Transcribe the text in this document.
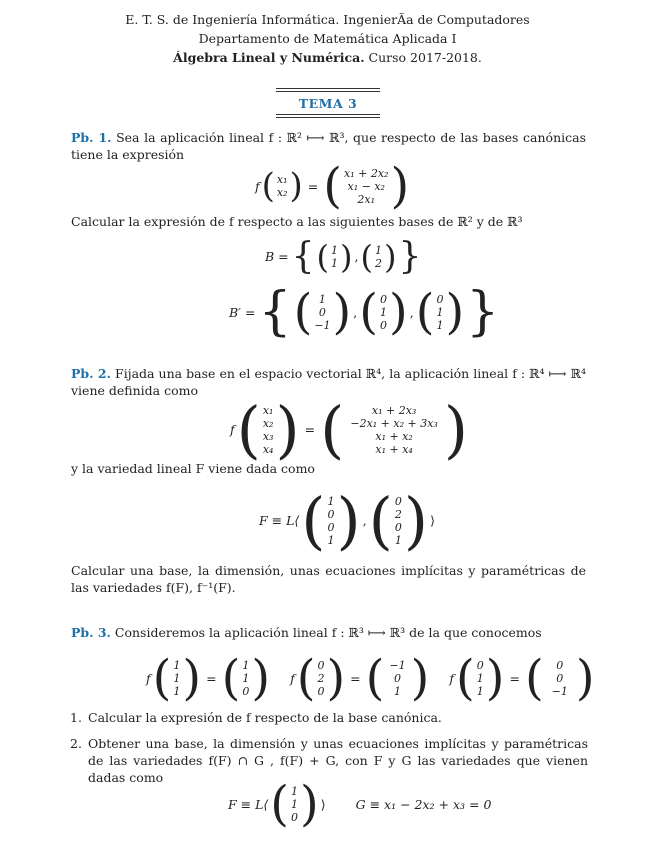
E. T. S. de Ingeniería Informática. IngenierÃa de Computadores
Departamento de Matemática Aplicada I
Álgebra Lineal y Numérica. Curso 2017-2018.
TEMA 3
Pb. 1. Sea la aplicación lineal f : ℝ² ⟼ ℝ³, que respecto de las bases canónicas tiene la expresión
f ( x₁
x₂ ) = ( x₁ + 2x₂
x₁ − x₂
2x₁ )
Calcular la expresión de f respecto a las siguientes bases de ℝ² y de ℝ³
B = { ( 1
1 ) , ( 1
2 ) }
B′ = { ( 1
0
−1 ) , ( 0
1
0 ) , ( 0
1
1 ) }
Pb. 2. Fijada una base en el espacio vectorial ℝ⁴, la aplicación lineal f : ℝ⁴ ⟼ ℝ⁴ viene definida como
f ( x₁
x₂
x₃
x₄ ) = (	x₁ + 2x₃
−2x₁ + x₂ + 3x₃
x₁ + x₂
x₁ + x₄ )
y la variedad lineal F viene dada como
F ≡ L⟨ ( 1
0
0
1 ) , ( 0
2
0
1 ) ⟩
Calcular una base, la dimensión, unas ecuaciones implícitas y paramétricas de las variedades f(F), f⁻¹(F).
Pb. 3. Consideremos la aplicación lineal f : ℝ³ ⟼ ℝ³ de la que conocemos
f ( 1
1
1 ) = ( 1
1
0 ) f ( 0
2
0 ) = ( −1
0
1 ) f ( 0
1
1 ) = ( 0
0
−1 )
1. Calcular la expresión de f respecto de la base canónica.
2. Obtener una base, la dimensión y unas ecuaciones implícitas y paramétricas de las variedades f(F) ∩ G , f(F) + G, con F y G las variedades que vienen dadas como
F ≡ L⟨ ( 1
1
0 ) ⟩ G ≡ x₁ − 2x₂ + x₃ = 0
